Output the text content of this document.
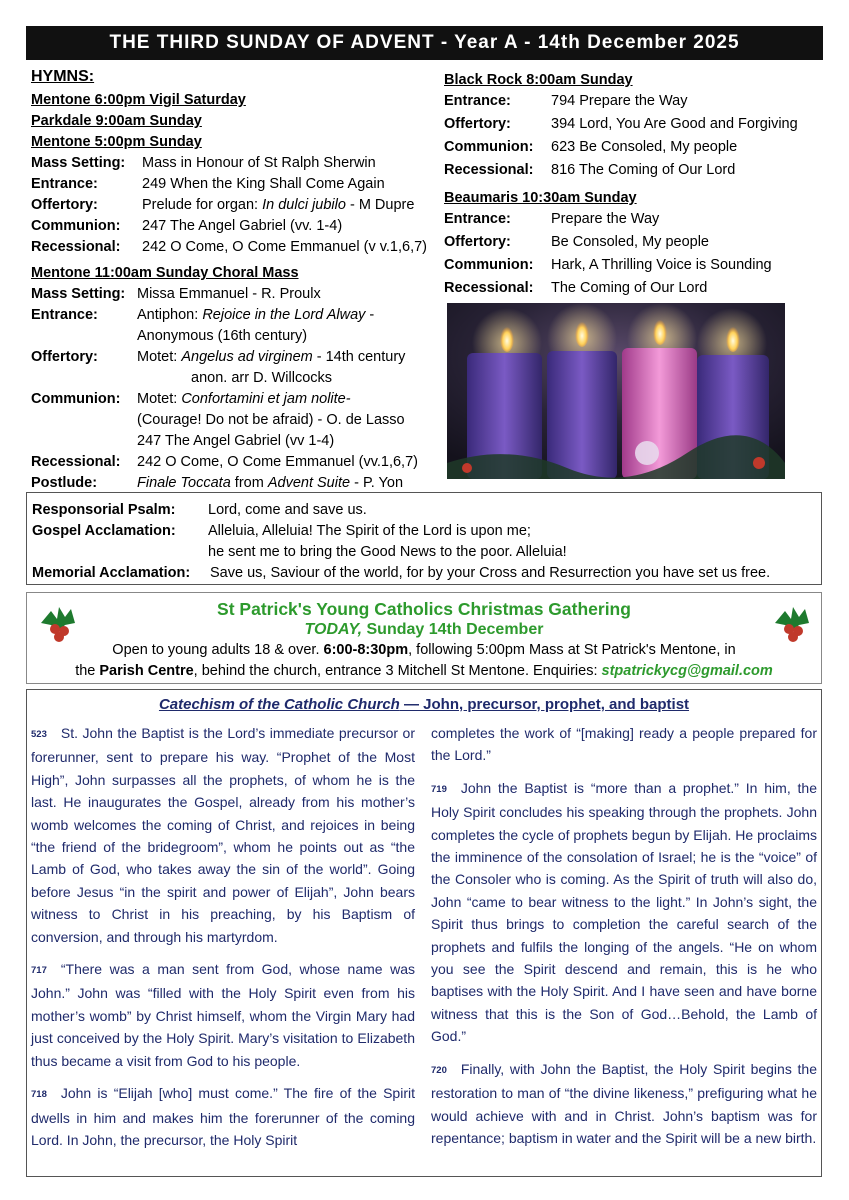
THE THIRD SUNDAY OF ADVENT - Year A - 14th December 2025
HYMNS:
Mentone 6:00pm Vigil Saturday
Parkdale 9:00am Sunday
Mentone 5:00pm Sunday
Mass Setting: Mass in Honour of St Ralph Sherwin
Entrance:	249 When the King Shall Come Again
Offertory:	Prelude for organ: In dulci jubilo - M Dupre
Communion: 247 The Angel Gabriel (vv. 1-4)
Recessional: 242 O Come, O Come Emmanuel (v v.1,6,7)
Mentone 11:00am Sunday Choral Mass
Mass Setting: Missa Emmanuel - R. Proulx
Entrance:	Antiphon: Rejoice in the Lord Alway -
Anonymous (16th century)
Offertory:	Motet: Angelus ad virginem - 14th century
anon. arr D. Willcocks
Communion: Motet: Confortamini et jam nolite-
(Courage! Do not be afraid) - O. de Lasso
247 The Angel Gabriel (vv 1-4)
Recessional: 242 O Come, O Come Emmanuel (vv.1,6,7)
Postlude:	Finale Toccata from Advent Suite - P. Yon
Black Rock 8:00am Sunday
Entrance:	794 Prepare the Way
Offertory:	394 Lord, You Are Good and Forgiving
Communion: 623 Be Consoled, My people
Recessional: 816 The Coming of Our Lord
Beaumaris 10:30am Sunday
Entrance:	Prepare the Way
Offertory:	Be Consoled, My people
Communion: Hark, A Thrilling Voice is Sounding
Recessional: The Coming of Our Lord
Responsorial Psalm: Lord, come and save us.
Gospel Acclamation: Alleluia, Alleluia! The Spirit of the Lord is upon me;
he sent me to bring the Good News to the poor. Alleluia!
Memorial Acclamation: Save us, Saviour of the world, for by your Cross and Resurrection you have set us free.
St Patrick's Young Catholics Christmas Gathering
TODAY, Sunday 14th December
Open to young adults 18 & over. 6:00-8:30pm, following 5:00pm Mass at St Patrick's Mentone, in
the Parish Centre, behind the church, entrance 3 Mitchell St Mentone. Enquiries: stpatrickycg@gmail.com
Catechism of the Catholic Church — John, precursor, prophet, and baptist

523 St. John the Baptist is the Lord’s immediate precursor or forerunner, sent to prepare his way. “Prophet of the Most High”, John surpasses all the prophets, of whom he is the last. He inaugurates the Gospel, already from his mother’s womb welcomes the coming of Christ, and rejoices in being “the friend of the bridegroom”, whom he points out as “the Lamb of God, who takes away the sin of the world”. Going before Jesus “in the spirit and power of Elijah”, John bears witness to Christ in his preaching, by his Baptism of conversion, and through his martyrdom.

717 “There was a man sent from God, whose name was John.” John was “filled with the Holy Spirit even from his mother’s womb” by Christ himself, whom the Virgin Mary had just conceived by the Holy Spirit. Mary’s visitation to Elizabeth thus became a visit from God to his people.

718 John is “Elijah [who] must come.” The fire of the Spirit dwells in him and makes him the forerunner of the coming Lord. In John, the precursor, the Holy Spirit

completes the work of “[making] ready a people prepared for the Lord.”

719 John the Baptist is “more than a prophet.” In him, the Holy Spirit concludes his speaking through the prophets. John completes the cycle of prophets begun by Elijah. He proclaims the imminence of the consolation of Israel; he is the “voice” of the Consoler who is coming. As the Spirit of truth will also do, John “came to bear witness to the light.” In John’s sight, the Spirit thus brings to completion the careful search of the prophets and fulfils the longing of the angels. “He on whom you see the Spirit descend and remain, this is he who baptises with the Holy Spirit. And I have seen and have borne witness that this is the Son of God…Behold, the Lamb of God.”

720 Finally, with John the Baptist, the Holy Spirit begins the restoration to man of “the divine likeness,” prefiguring what he would achieve with and in Christ. John’s baptism was for repentance; baptism in water and the Spirit will be a new birth.
